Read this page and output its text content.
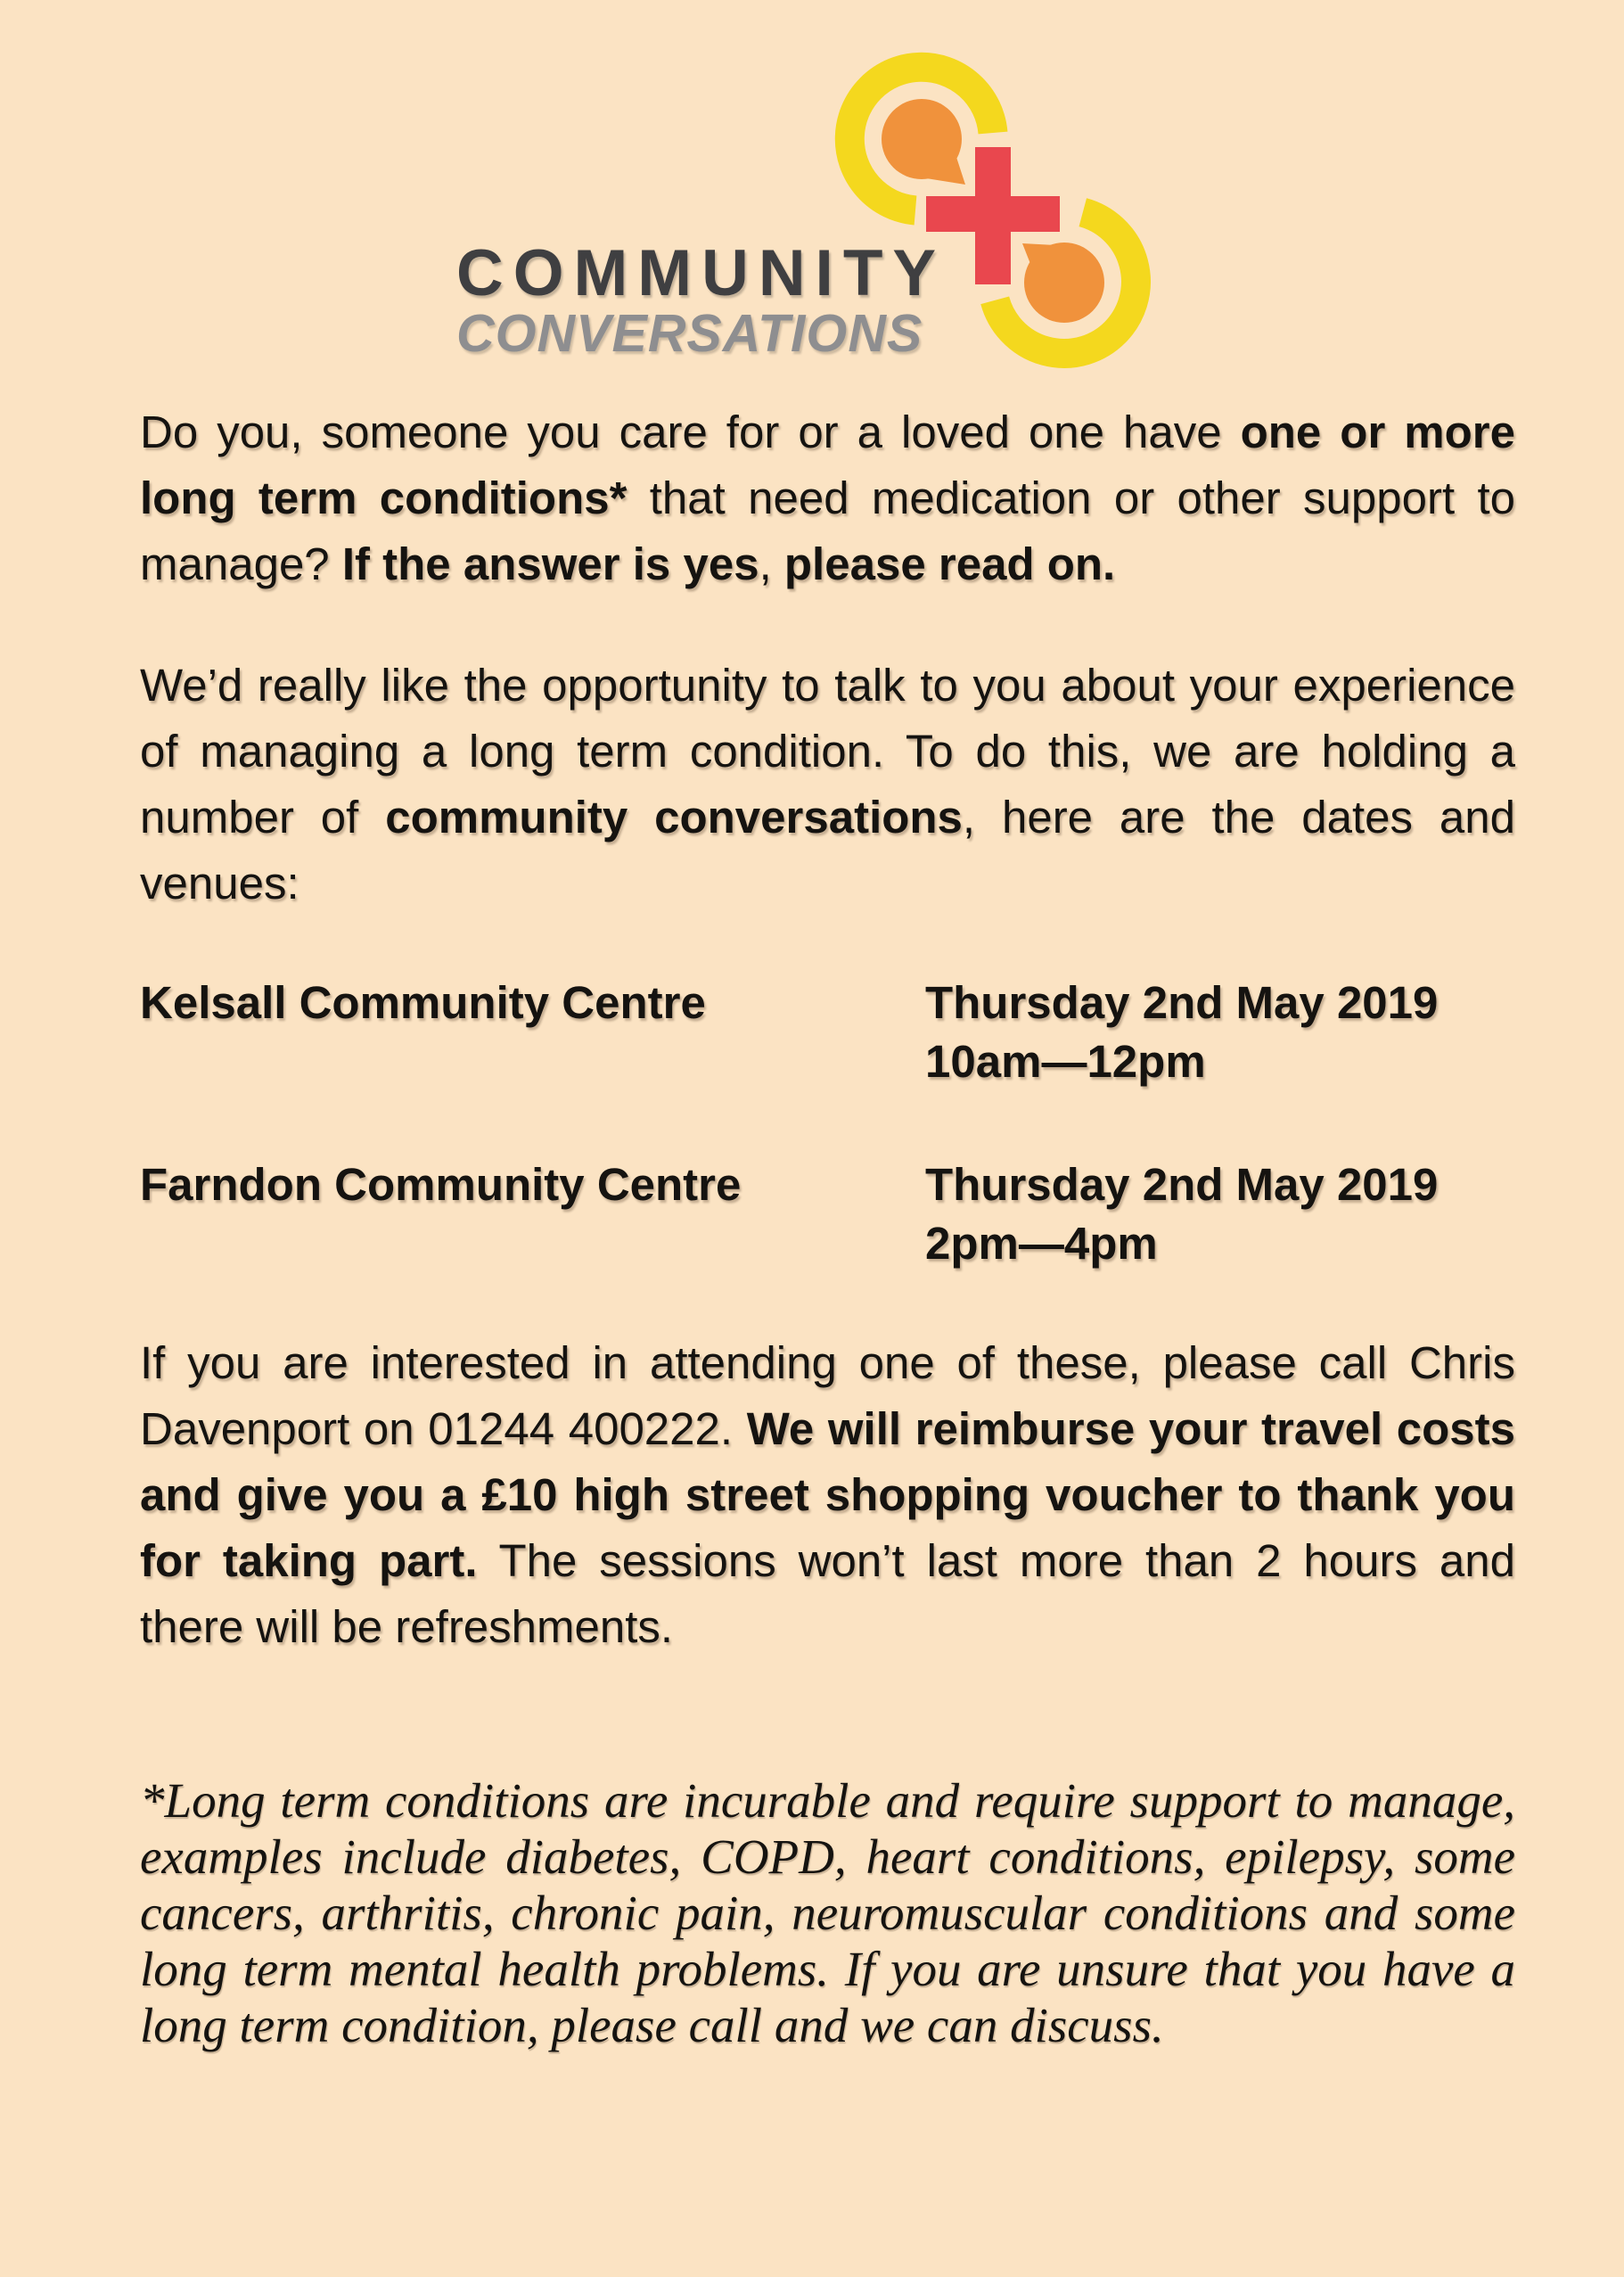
COMMUNITY
CONVERSATIONS

Do you, someone you care for or a loved one have one or more long term conditions* that need medication or other support to manage? If the answer is yes, please read on.

We’d really like the opportunity to talk to you about your experience of managing a long term condition. To do this, we are holding a number of community conversations, here are the dates and venues:

Kelsall Community Centre	Thursday 2nd May 2019
10am—12pm
Farndon Community Centre	Thursday 2nd May 2019
2pm—4pm

If you are interested in attending one of these, please call Chris Davenport on 01244 400222. We will reimburse your travel costs and give you a £10 high street shopping voucher to thank you for taking part. The sessions won’t last more than 2 hours and there will be refreshments.

*Long term conditions are incurable and require support to manage, examples include diabetes, COPD, heart conditions, epilepsy, some cancers, arthritis, chronic pain, neuromuscular conditions and some long term mental health problems. If you are unsure that you have a long term condition, please call and we can discuss.
